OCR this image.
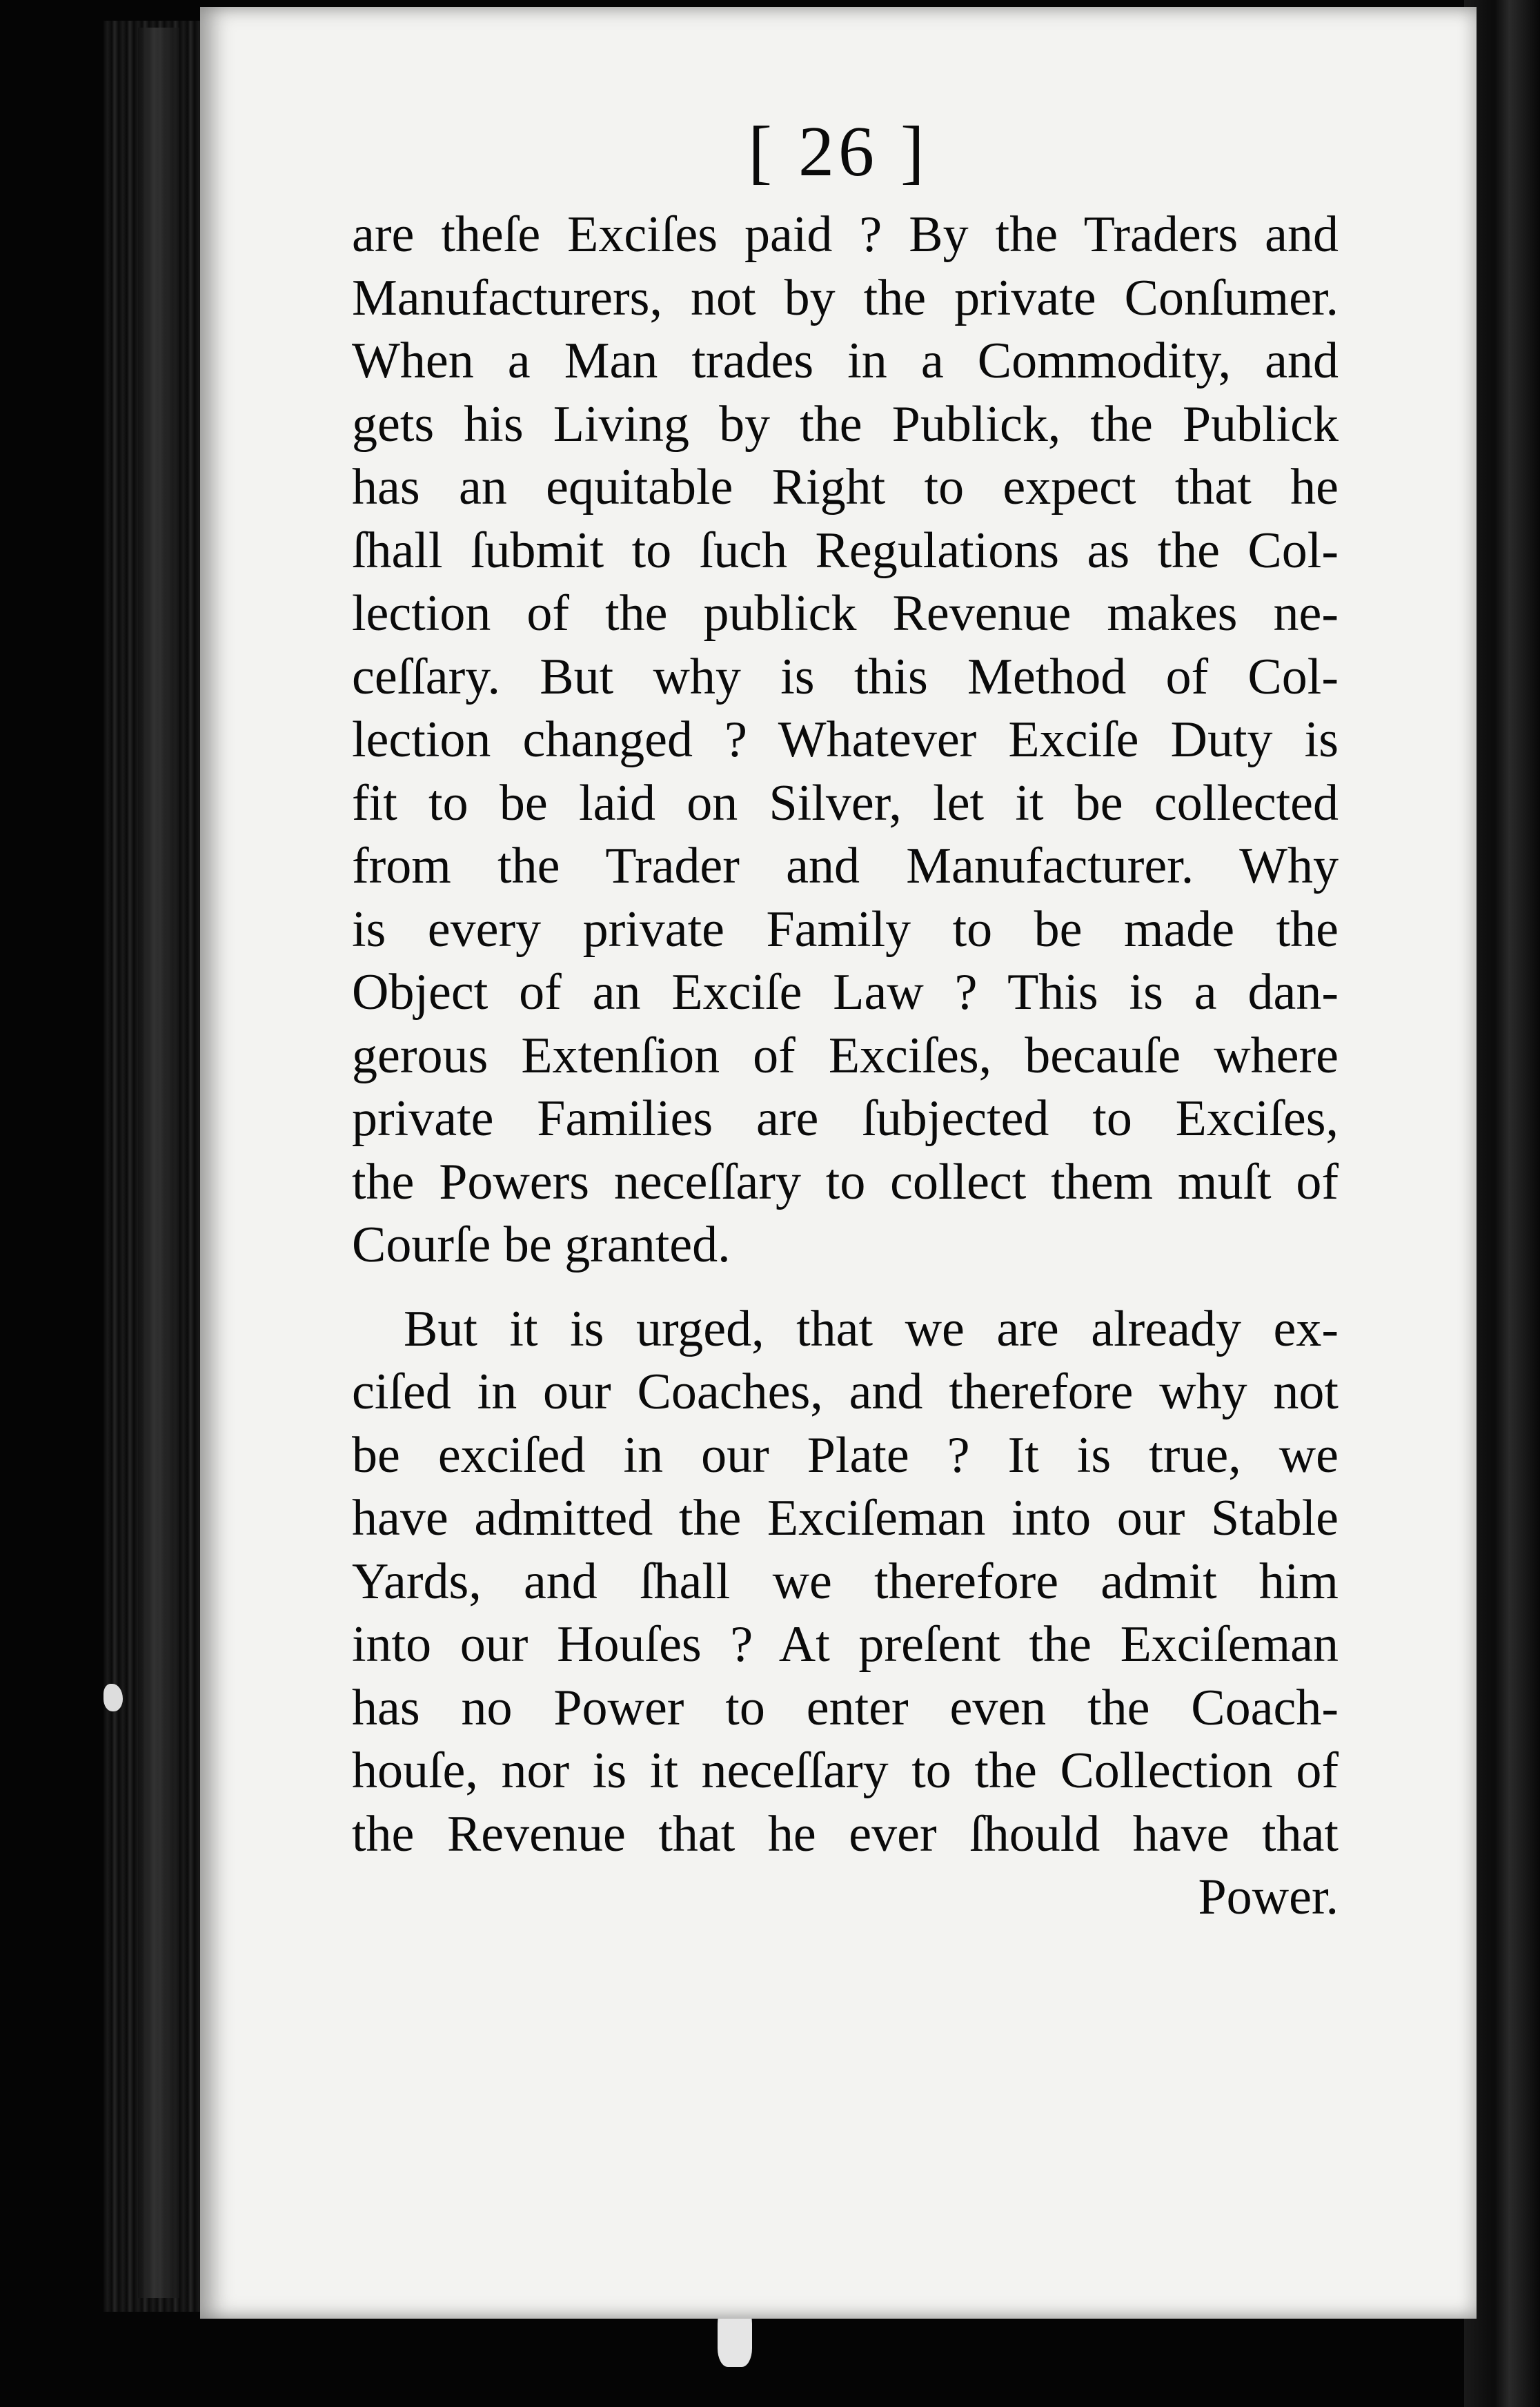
[ 26 ]
are theſe Exciſes paid ? By the Traders and
Manufacturers, not by the private Conſumer.
When a Man trades in a Commodity, and
gets his Living by the Publick, the Publick
has an equitable Right to expect that he
ſhall ſubmit to ſuch Regulations as the Col-
lection of the publick Revenue makes ne-
ceſſary. But why is this Method of Col-
lection changed ? Whatever Exciſe Duty is
fit to be laid on Silver, let it be collected
from the Trader and Manufacturer. Why
is every private Family to be made the
Object of an Exciſe Law ? This is a dan-
gerous Extenſion of Exciſes, becauſe where
private Families are ſubjected to Exciſes,
the Powers neceſſary to collect them muſt of
Courſe be granted.
But it is urged, that we are already ex-
ciſed in our Coaches, and therefore why not
be exciſed in our Plate ? It is true, we
have admitted the Exciſeman into our Stable
Yards, and ſhall we therefore admit him
into our Houſes ? At preſent the Exciſeman
has no Power to enter even the Coach-
houſe, nor is it neceſſary to the Collection of
the Revenue that he ever ſhould have that
Power.
